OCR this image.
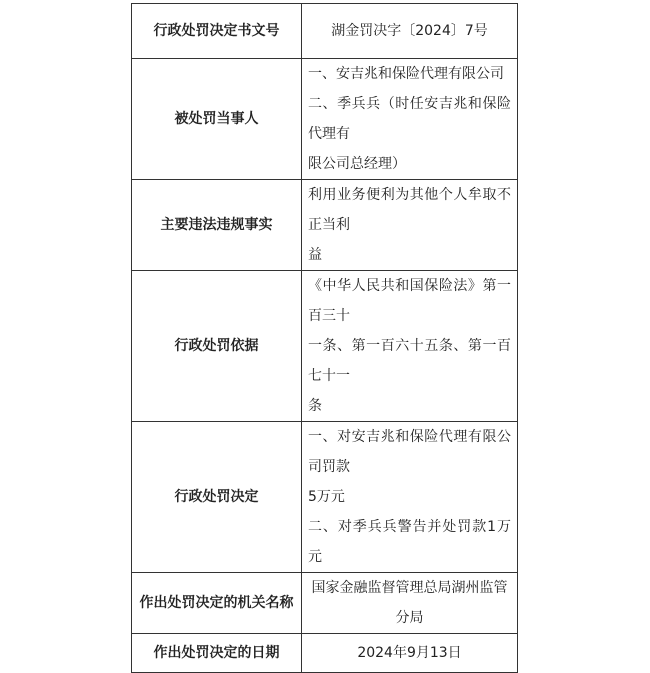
行政处罚决定书文号	湖金罚决字〔2024〕7号

被处罚当事人	一、安吉兆和保险代理有限公司
二、季兵兵（时任安吉兆和保险代理有
限公司总经理）

主要违法违规事实	利用业务便利为其他个人牟取不正当利
益

行政处罚依据	《中华人民共和国保险法》第一百三十
一条、第一百六十五条、第一百七十一
条

行政处罚决定	一、对安吉兆和保险代理有限公司罚款
5万元
二、对季兵兵警告并处罚款1万元

作出处罚决定的机关名称	国家金融监督管理总局湖州监管分局

作出处罚决定的日期	2024年9月13日
